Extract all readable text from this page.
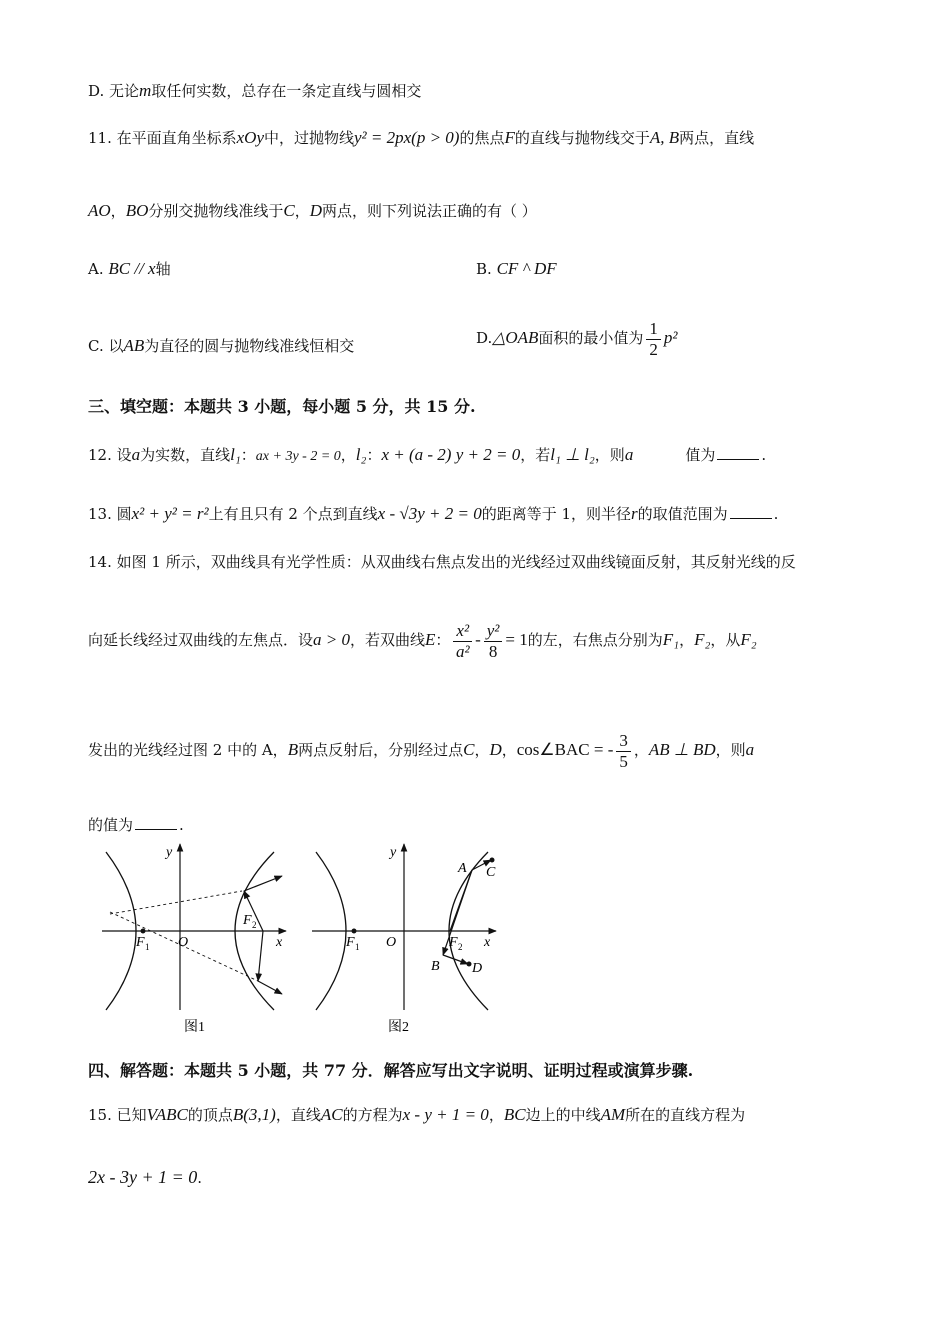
D. 无论m取任何实数，总存在一条定直线与圆相交
11. 在平面直角坐标系xOy中，过抛物线y² = 2px(p > 0)的焦点F的直线与抛物线交于A, B两点，直线
AO，BO分别交抛物线准线于C，D两点，则下列说法正确的有（ ）
A. BC // x轴	B. CF ^ DF
C. 以AB为直径的圆与抛物线准线恒相交	D.△OAB面积的最小值为 $\frac{1}{2} p^2$
三、填空题：本题共 3 小题，每小题 5 分，共 15 分.
12. 设a为实数，直线l₁：ax + 3y - 2 = 0，l₂：x + (a - 2) y + 2 = 0，若l₁ ⊥ l₂，则a	值为	.
13. 圆x² + y² = r²上有且只有 2 个点到直线x - √3y + 2 = 0的距离等于 1，则半径r的取值范围为	.
14. 如图 1 所示，双曲线具有光学性质：从双曲线右焦点发出的光线经过双曲线镜面反射，其反射光线的反
向延长线经过双曲线的左焦点．设a > 0，若双曲线E： $\frac{\text{x²}}{\text{a²}} - \frac{\text{y²}}{8} = 1$的左，右焦点分别为F₁，F₂，从F₂
发出的光线经过图 2 中的 A，B两点反射后，分别经过点C，D，cos∠BAC = - $\frac{3}{5}$ ，AB ⊥ BD，则a
的值为	.
y
x
O
F 1
F 2
图1
y
x
O
F 1	F 2
A
B
C
D
图2
四、解答题：本题共 5 小题，共 77 分．解答应写出文字说明、证明过程或演算步骤.
15. 已知VABC的顶点B(3,1)，直线AC的方程为x - y + 1 = 0，BC边上的中线AM所在的直线方程为
2x - 3y + 1 = 0.
